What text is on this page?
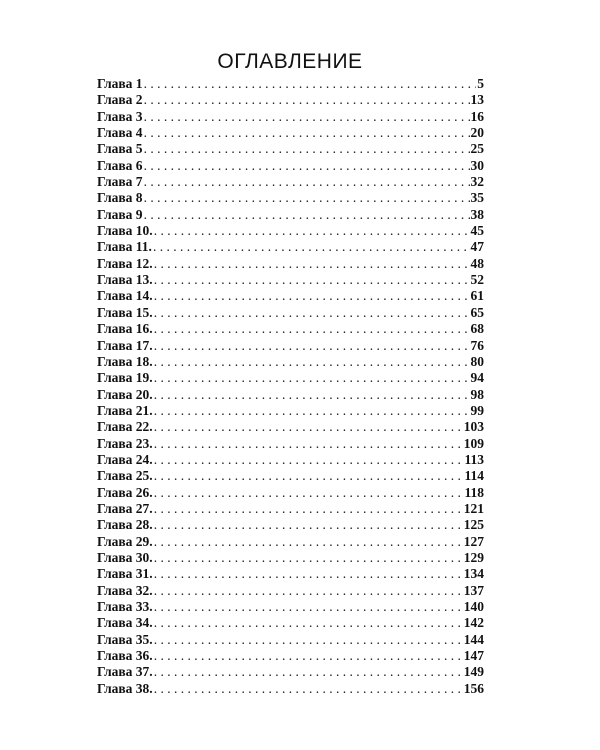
ОГЛАВЛЕНИЕ
Глава 1 . . .	5
Глава 2 . . .	13
Глава 3 . . .	16
Глава 4 . . .	20
Глава 5 . . .	25
Глава 6 . . .	30
Глава 7 . . .	32
Глава 8 . . .	35
Глава 9 . . .	38
Глава 10. . . .	45
Глава 11. . . .	47
Глава 12. . . .	48
Глава 13. . . .	52
Глава 14. . . .	61
Глава 15. . . .	65
Глава 16. . . .	68
Глава 17. . . .	76
Глава 18. . . .	80
Глава 19. . . .	94
Глава 20. . . .	98
Глава 21. . . .	99
Глава 22. . . .	103
Глава 23. . . .	109
Глава 24. . . .	113
Глава 25. . . .	114
Глава 26. . . .	118
Глава 27. . . .	121
Глава 28. . . .	125
Глава 29. . . .	127
Глава 30. . . .	129
Глава 31. . . .	134
Глава 32. . . .	137
Глава 33. . . .	140
Глава 34. . . .	142
Глава 35. . . .	144
Глава 36. . . .	147
Глава 37. . . .	149
Глава 38. . . .	156
